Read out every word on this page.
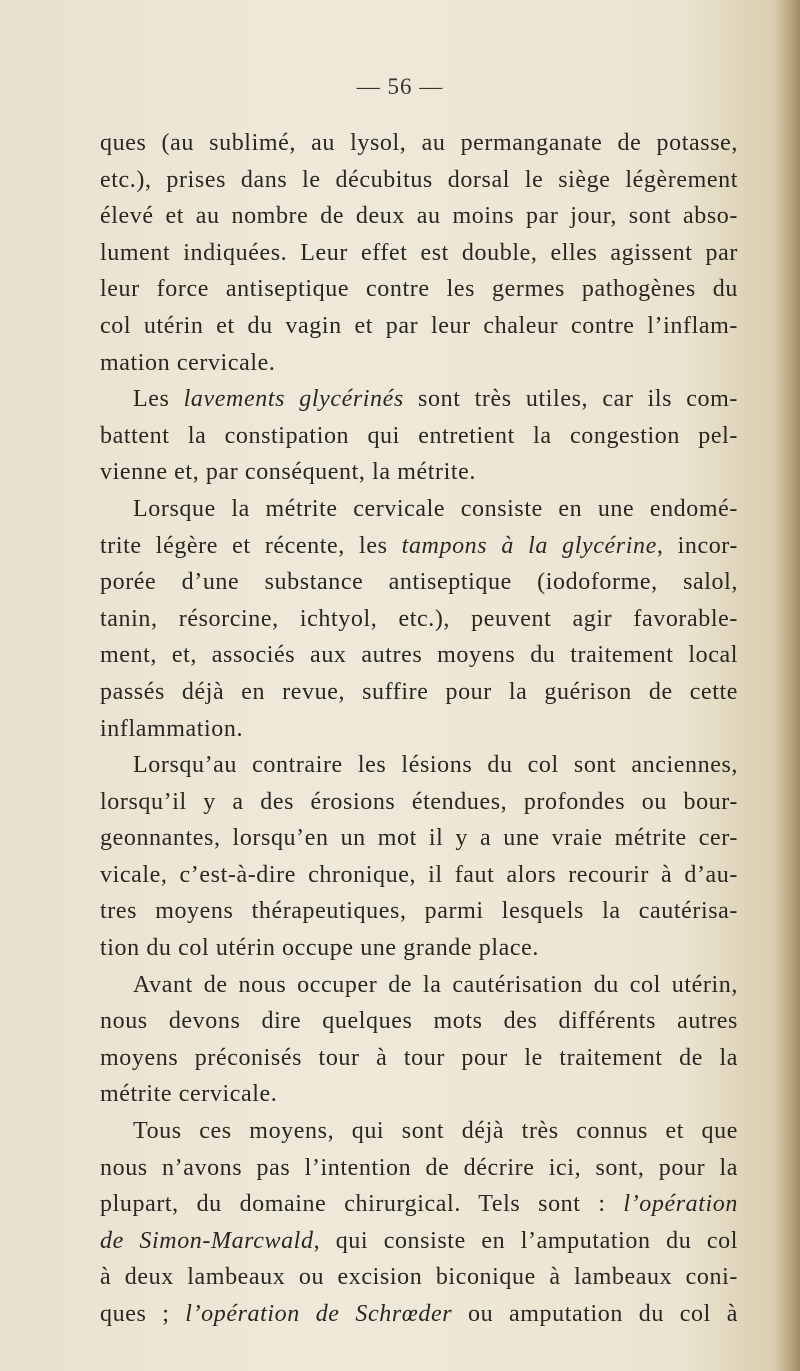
— 56 —
ques (au sublimé, au lysol, au permanganate de potasse,
etc.), prises dans le décubitus dorsal le siège légèrement
élevé et au nombre de deux au moins par jour, sont abso-
lument indiquées. Leur effet est double, elles agissent par
leur force antiseptique contre les germes pathogènes du
col utérin et du vagin et par leur chaleur contre l’inflam-
mation cervicale.
Les lavements glycérinés sont très utiles, car ils com-
battent la constipation qui entretient la congestion pel-
vienne et, par conséquent, la métrite.
Lorsque la métrite cervicale consiste en une endomé-
trite légère et récente, les tampons à la glycérine, incor-
porée d’une substance antiseptique (iodoforme, salol,
tanin, résorcine, ichtyol, etc.), peuvent agir favorable-
ment, et, associés aux autres moyens du traitement local
passés déjà en revue, suffire pour la guérison de cette
inflammation.
Lorsqu’au contraire les lésions du col sont anciennes,
lorsqu’il y a des érosions étendues, profondes ou bour-
geonnantes, lorsqu’en un mot il y a une vraie métrite cer-
vicale, c’est-à-dire chronique, il faut alors recourir à d’au-
tres moyens thérapeutiques, parmi lesquels la cautérisa-
tion du col utérin occupe une grande place.
Avant de nous occuper de la cautérisation du col utérin,
nous devons dire quelques mots des différents autres
moyens préconisés tour à tour pour le traitement de la
métrite cervicale.
Tous ces moyens, qui sont déjà très connus et que
nous n’avons pas l’intention de décrire ici, sont, pour la
plupart, du domaine chirurgical. Tels sont : l’opération
de Simon-Marcwald, qui consiste en l’amputation du col
à deux lambeaux ou excision biconique à lambeaux coni-
ques ; l’opération de Schrœder ou amputation du col à
